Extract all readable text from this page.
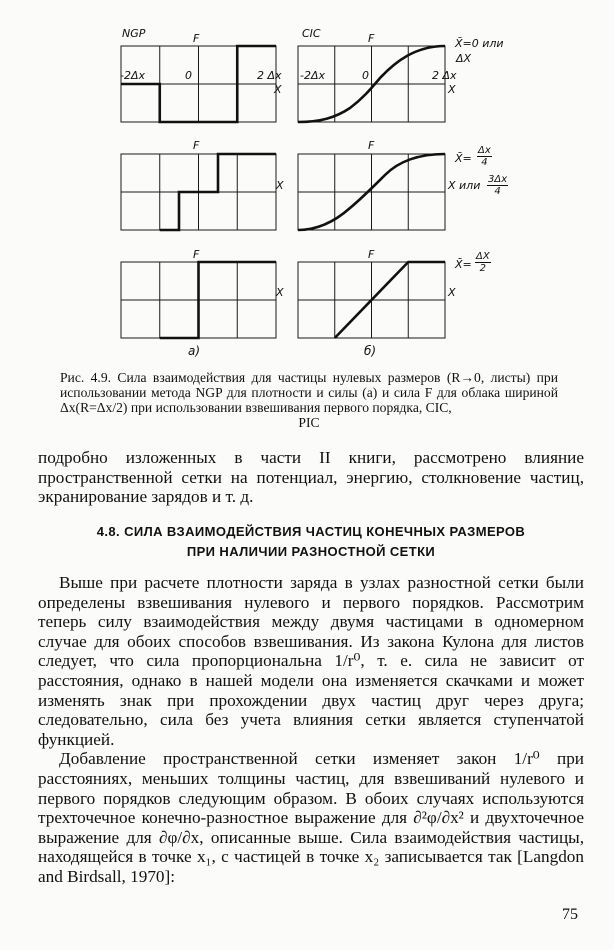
NGP	F
-2Δx	0	2 Δx
X
CIC	F
-2Δx	0	2 Δx
X
X̄=0 или
ΔX
F
X
F
X̄= $\frac{\Delta x}{4}$
X или $\frac{3\Delta x}{4}$
F
X
F
X
X̄= $\frac{\Delta X}{2}$
a)	б)
Рис. 4.9. Сила взаимодействия для частицы нулевых размеров (R→0, листы) при использовании метода NGP для плотности и силы (a) и сила F для облака шириной Δx(R=Δx/2) при использовании взвешивания первого порядка, CIC,
PIC

подробно изложенных в части II книги, рассмотрено влияние пространственной сетки на потенциал, энергию, столкновение частиц, экранирование зарядов и т. д.

4.8. СИЛА ВЗАИМОДЕЙСТВИЯ ЧАСТИЦ КОНЕЧНЫХ РАЗМЕРОВ
ПРИ НАЛИЧИИ РАЗНОСТНОЙ СЕТКИ

Выше при расчете плотности заряда в узлах разностной сетки были определены взвешивания нулевого и первого порядков. Рассмотрим теперь силу взаимодействия между двумя частицами в одномерном случае для обоих способов взвешивания. Из закона Кулона для листов следует, что сила пропорциональна 1/r⁰, т. е. сила не зависит от расстояния, однако в нашей модели она изменяется скачками и может изменять знак при прохождении двух частиц друг через друга; следовательно, сила без учета влияния сетки является ступенчатой функцией.

Добавление пространственной сетки изменяет закон 1/r⁰ при расстояниях, меньших толщины частиц, для взвешиваний нулевого и первого порядков следующим образом. В обоих случаях используются трехточечное конечно-разностное выражение для ∂²φ/∂x² и двухточечное выражение для ∂φ/∂x, описанные выше. Сила взаимодействия частицы, находящейся в точке x₁, с частицей в точке x₂ записывается так [Langdon and Birdsall, 1970]:

75
